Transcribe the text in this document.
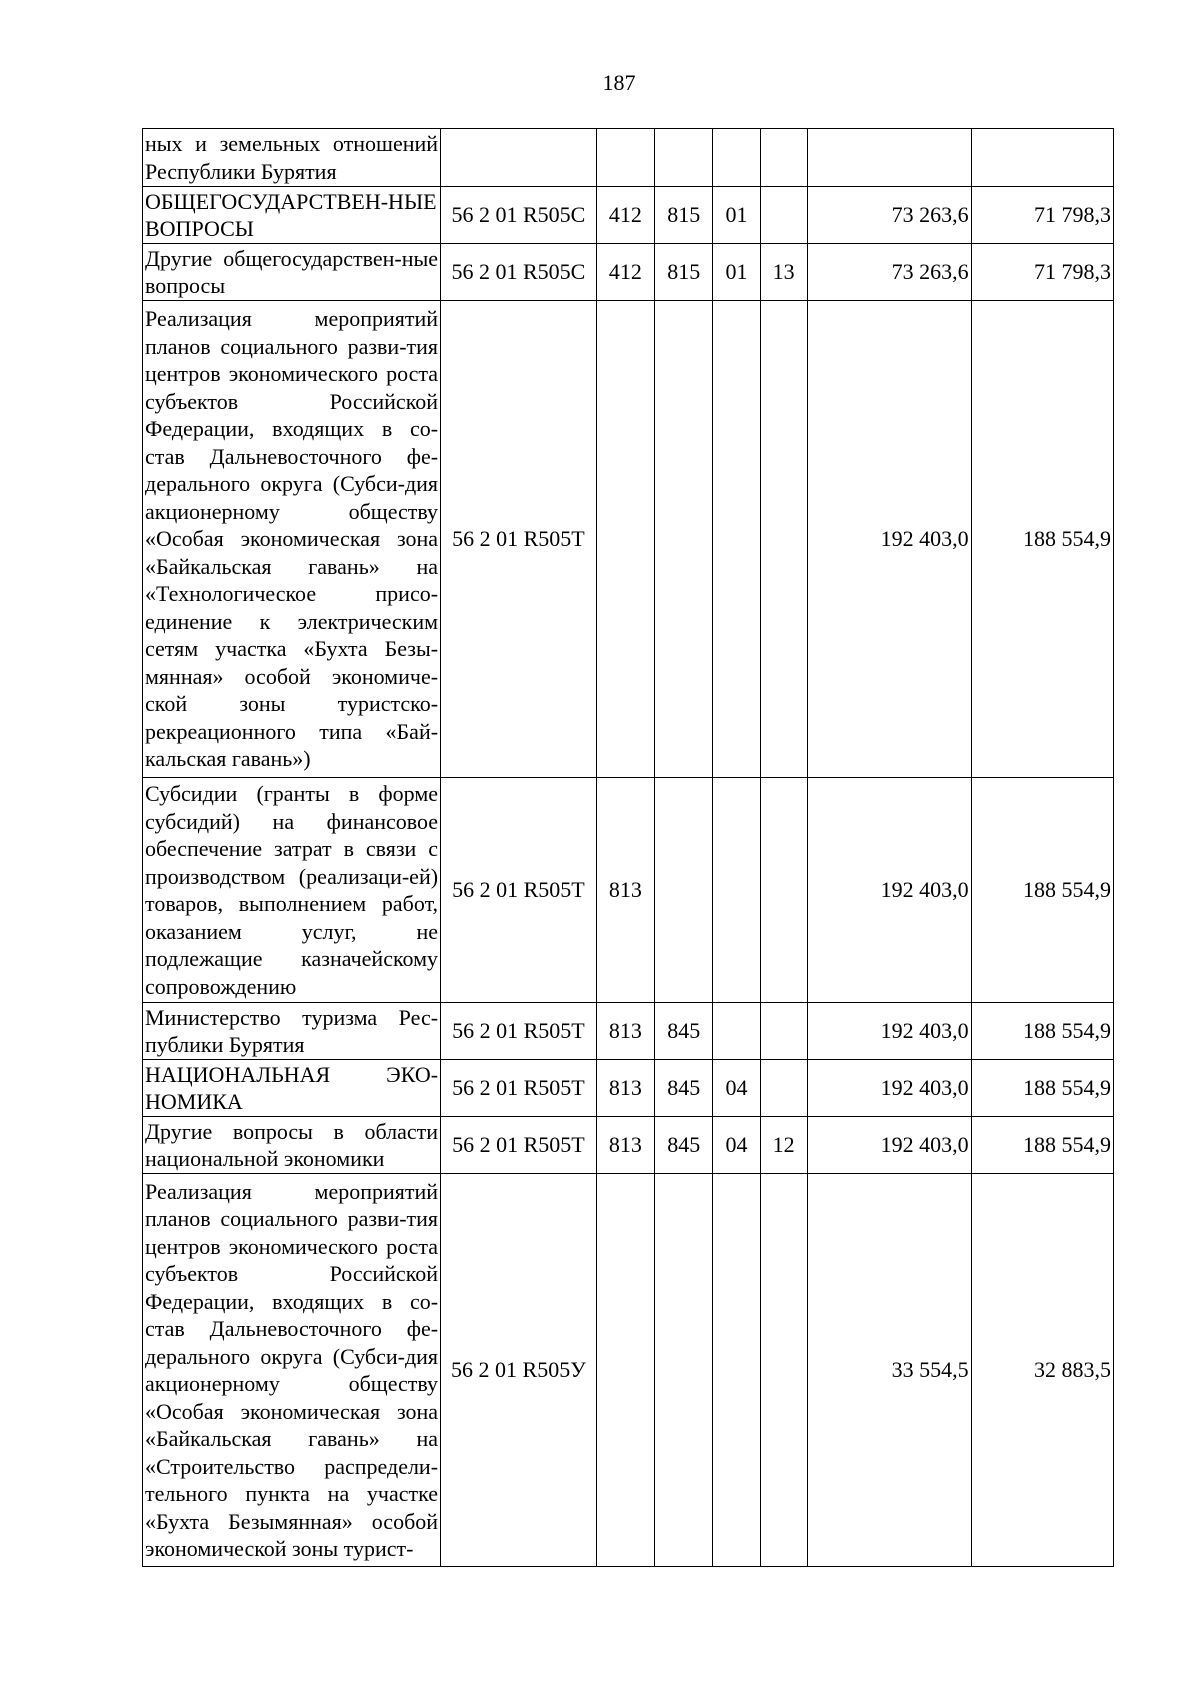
187
ных и земельных отношений Республики Бурятия							
ОБЩЕГОСУДАРСТВЕН-НЫЕ ВОПРОСЫ	56 2 01 R505C	412	815	01		73 263,6	71 798,3
Другие общегосударствен-ные вопросы	56 2 01 R505C	412	815	01	13	73 263,6	71 798,3
Реализация мероприятий планов социального разви-тия центров экономического роста субъектов Российской Федерации, входящих в со-став Дальневосточного фе-дерального округа (Субси-дия акционерному обществу «Особая экономическая зона «Байкальская гавань» на «Технологическое присо-единение к электрическим сетям участка «Бухта Безы-мянная» особой экономиче-ской зоны туристско-рекреационного типа «Бай-кальская гавань»)	56 2 01 R505Т					192 403,0	188 554,9
Субсидии (гранты в форме субсидий) на финансовое обеспечение затрат в связи с производством (реализаци-ей) товаров, выполнением работ, оказанием услуг, не подлежащие казначейскому сопровождению	56 2 01 R505Т	813				192 403,0	188 554,9
Министерство туризма Рес-публики Бурятия	56 2 01 R505Т	813	845			192 403,0	188 554,9
НАЦИОНАЛЬНАЯ ЭКО-НОМИКА	56 2 01 R505Т	813	845	04		192 403,0	188 554,9
Другие вопросы в области национальной экономики	56 2 01 R505Т	813	845	04	12	192 403,0	188 554,9
Реализация мероприятий планов социального разви-тия центров экономического роста субъектов Российской Федерации, входящих в со-став Дальневосточного фе-дерального округа (Субси-дия акционерному обществу «Особая экономическая зона «Байкальская гавань» на «Строительство распредели-тельного пункта на участке «Бухта Безымянная» особой экономической зоны турист-	56 2 01 R505У					33 554,5	32 883,5
